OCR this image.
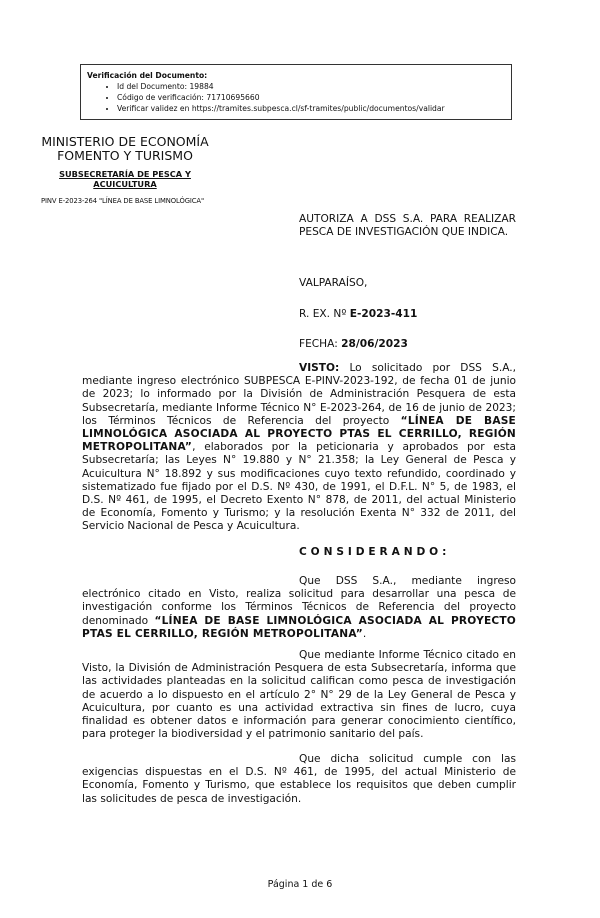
Verificación del Documento:

• Id del Documento: 19884
• Código de verificación: 71710695660
• Verificar validez en https://tramites.subpesca.cl/sf-tramites/public/documentos/validar
MINISTERIO DE ECONOMÍA
FOMENTO Y TURISMO
SUBSECRETARÍA DE PESCA Y
ACUICULTURA
PINV E-2023-264 "LÍNEA DE BASE LIMNOLÓGICA"
AUTORIZA A DSS S.A. PARA REALIZAR PESCA DE INVESTIGACIÓN QUE INDICA.
VALPARAÍSO,
R. EX. Nº E-2023-411
FECHA: 28/06/2023
VISTO: Lo solicitado por DSS S.A., mediante ingreso electrónico SUBPESCA E-PINV-2023-192, de fecha 01 de junio de 2023; lo informado por la División de Administración Pesquera de esta Subsecretaría, mediante Informe Técnico N° E-2023-264, de 16 de junio de 2023; los Términos Técnicos de Referencia del proyecto “LÍNEA DE BASE LIMNOLÓGICA ASOCIADA AL PROYECTO PTAS EL CERRILLO, REGIÓN METROPOLITANA”, elaborados por la peticionaria y aprobados por esta Subsecretaría; las Leyes N° 19.880 y N° 21.358; la Ley General de Pesca y Acuicultura N° 18.892 y sus modificaciones cuyo texto refundido, coordinado y sistematizado fue fijado por el D.S. Nº 430, de 1991, el D.F.L. N° 5, de 1983, el D.S. Nº 461, de 1995, el Decreto Exento N° 878, de 2011, del actual Ministerio de Economía, Fomento y Turismo; y la resolución Exenta N° 332 de 2011, del Servicio Nacional de Pesca y Acuicultura.
CONSIDERANDO:
Que DSS S.A., mediante ingreso electrónico citado en Visto, realiza solicitud para desarrollar una pesca de investigación conforme los Términos Técnicos de Referencia del proyecto denominado “LÍNEA DE BASE LIMNOLÓGICA ASOCIADA AL PROYECTO PTAS EL CERRILLO, REGIÓN METROPOLITANA”.
Que mediante Informe Técnico citado en Visto, la División de Administración Pesquera de esta Subsecretaría, informa que las actividades planteadas en la solicitud califican como pesca de investigación de acuerdo a lo dispuesto en el artículo 2° N° 29 de la Ley General de Pesca y Acuicultura, por cuanto es una actividad extractiva sin fines de lucro, cuya finalidad es obtener datos e información para generar conocimiento científico, para proteger la biodiversidad y el patrimonio sanitario del país.
Que dicha solicitud cumple con las exigencias dispuestas en el D.S. Nº 461, de 1995, del actual Ministerio de Economía, Fomento y Turismo, que establece los requisitos que deben cumplir las solicitudes de pesca de investigación.
Página 1 de 6
